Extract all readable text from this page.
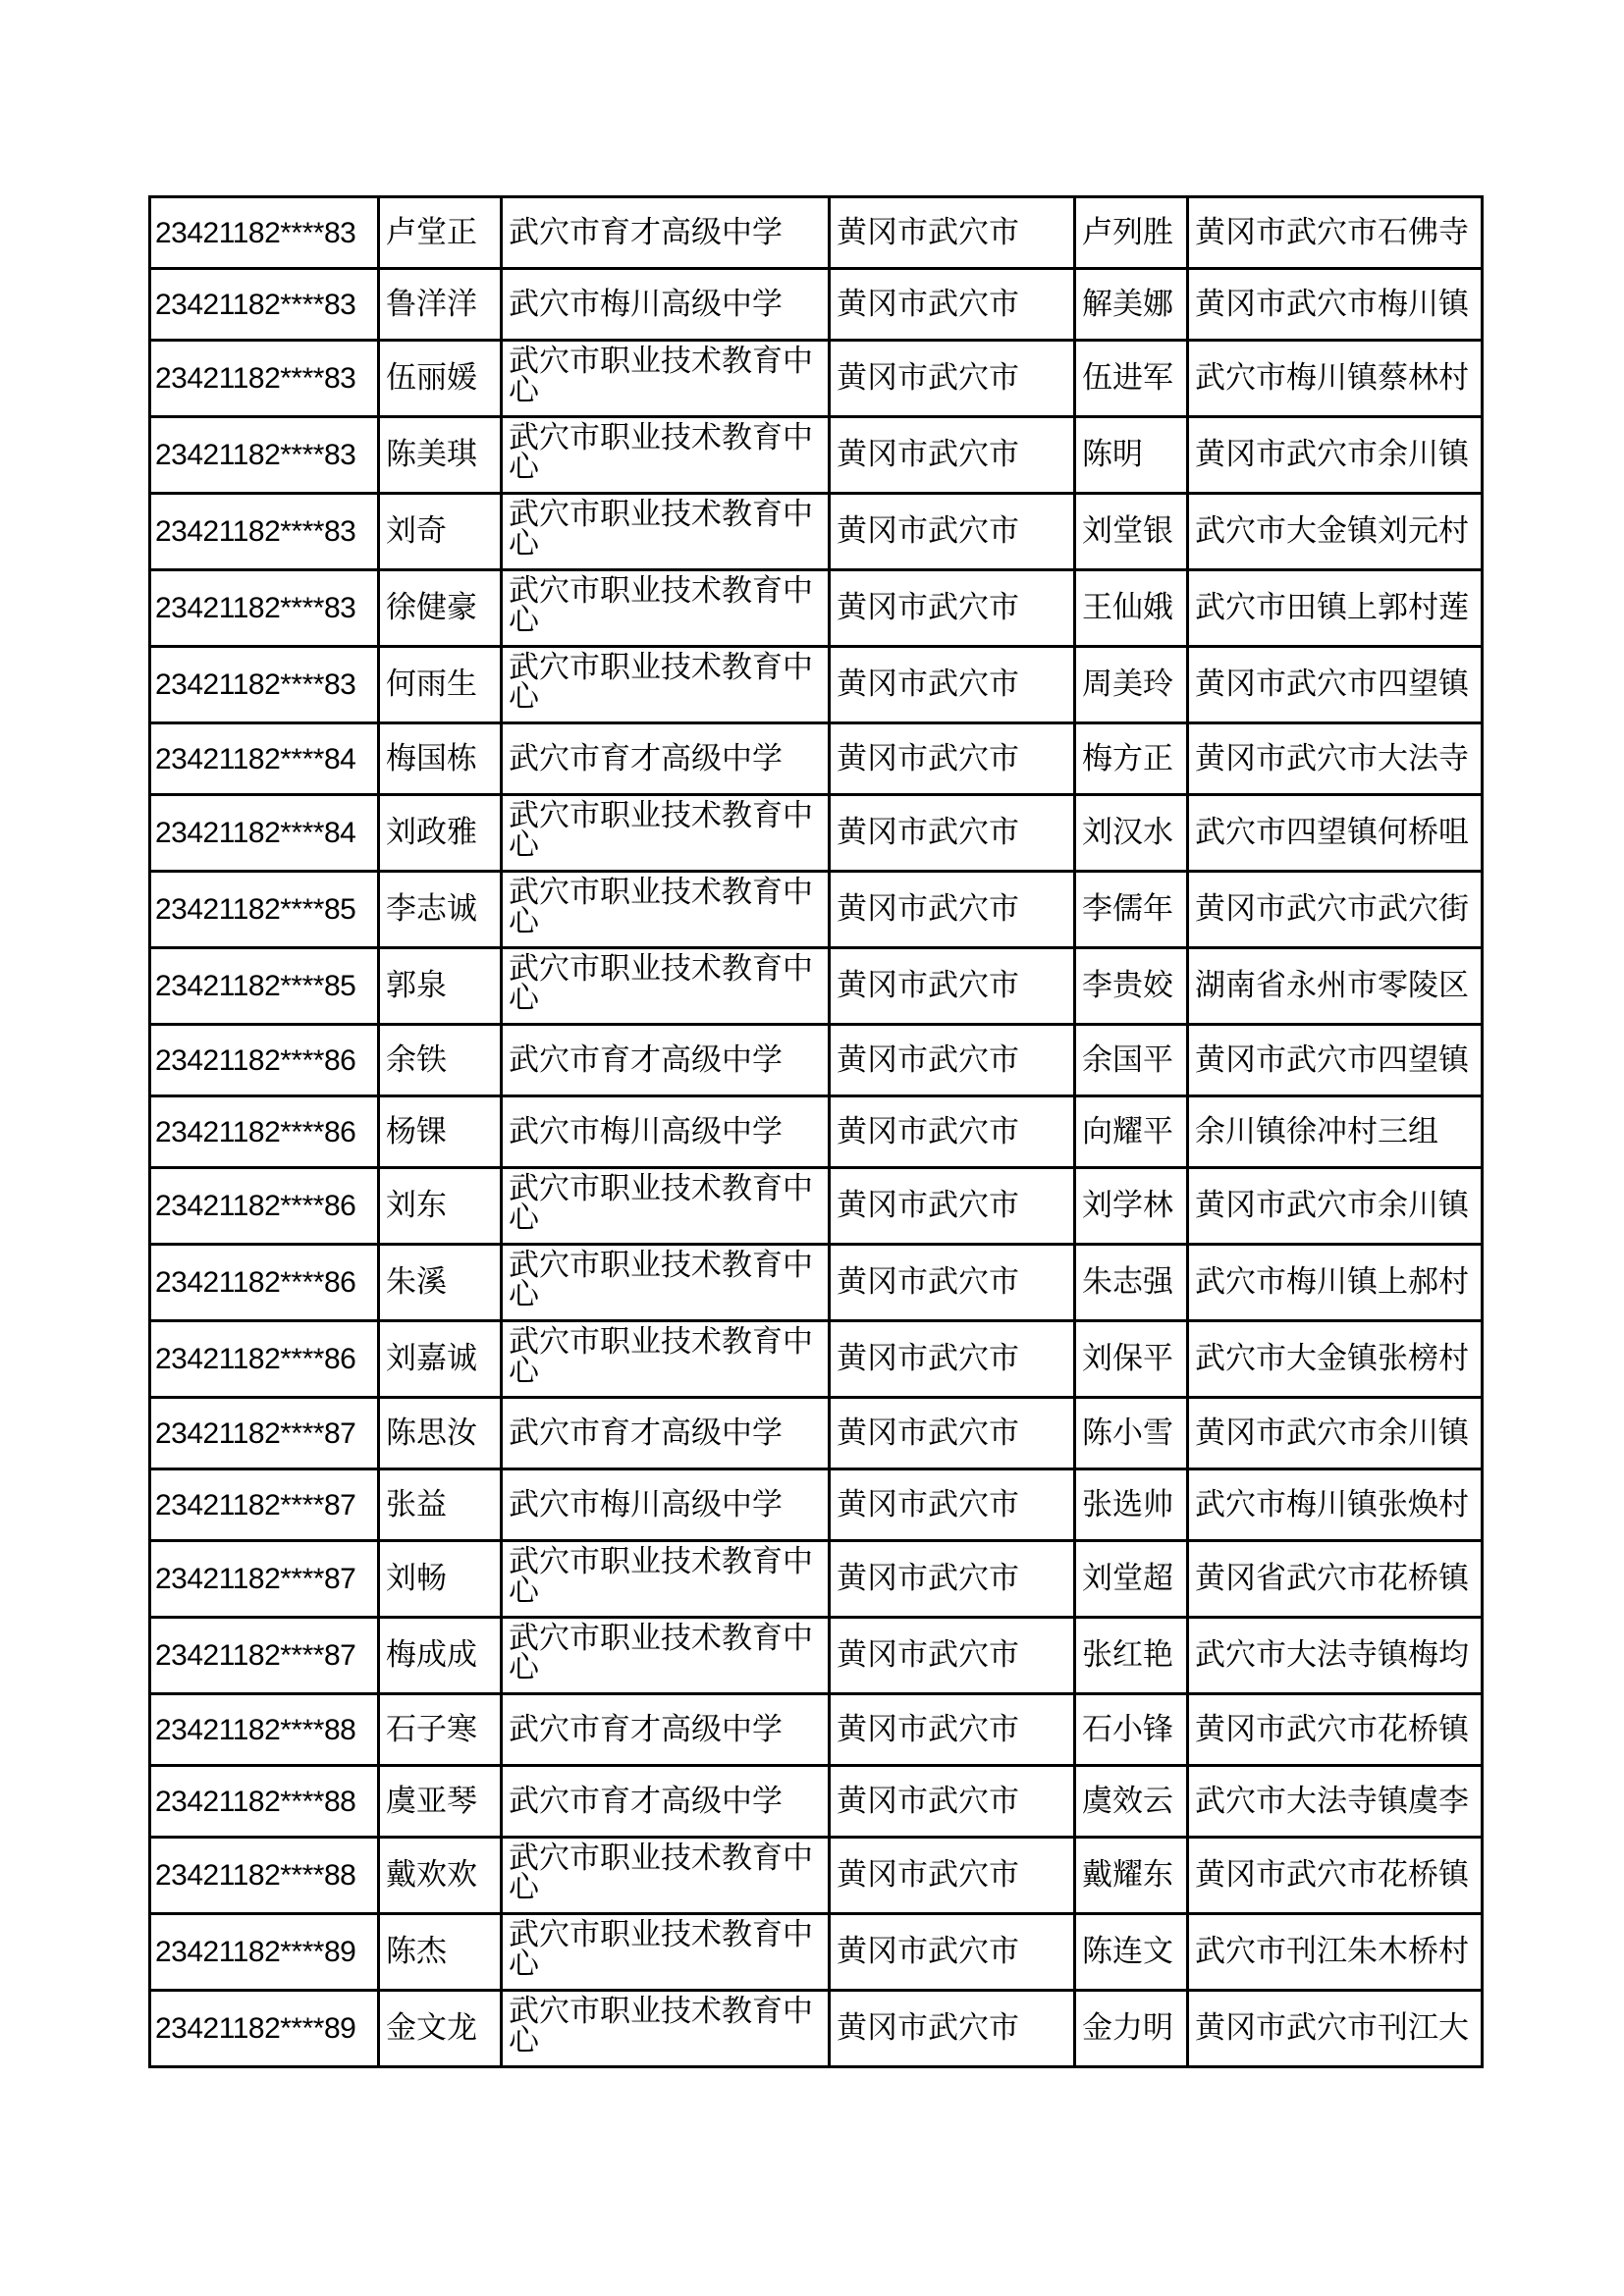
23421182****83	卢堂正	武穴市育才高级中学	黄冈市武穴市	卢列胜	黄冈市武穴市石佛寺
23421182****83	鲁洋洋	武穴市梅川高级中学	黄冈市武穴市	解美娜	黄冈市武穴市梅川镇
23421182****83	伍丽媛	武穴市职业技术教育中心	黄冈市武穴市	伍进军	武穴市梅川镇蔡林村
23421182****83	陈美琪	武穴市职业技术教育中心	黄冈市武穴市	陈明	黄冈市武穴市余川镇
23421182****83	刘奇	武穴市职业技术教育中心	黄冈市武穴市	刘堂银	武穴市大金镇刘元村
23421182****83	徐健豪	武穴市职业技术教育中心	黄冈市武穴市	王仙娥	武穴市田镇上郭村莲
23421182****83	何雨生	武穴市职业技术教育中心	黄冈市武穴市	周美玲	黄冈市武穴市四望镇
23421182****84	梅国栋	武穴市育才高级中学	黄冈市武穴市	梅方正	黄冈市武穴市大法寺
23421182****84	刘政雅	武穴市职业技术教育中心	黄冈市武穴市	刘汉水	武穴市四望镇何桥咀
23421182****85	李志诚	武穴市职业技术教育中心	黄冈市武穴市	李儒年	黄冈市武穴市武穴街
23421182****85	郭泉	武穴市职业技术教育中心	黄冈市武穴市	李贵姣	湖南省永州市零陵区
23421182****86	余铁	武穴市育才高级中学	黄冈市武穴市	余国平	黄冈市武穴市四望镇
23421182****86	杨锞	武穴市梅川高级中学	黄冈市武穴市	向耀平	余川镇徐冲村三组
23421182****86	刘东	武穴市职业技术教育中心	黄冈市武穴市	刘学林	黄冈市武穴市余川镇
23421182****86	朱溪	武穴市职业技术教育中心	黄冈市武穴市	朱志强	武穴市梅川镇上郝村
23421182****86	刘嘉诚	武穴市职业技术教育中心	黄冈市武穴市	刘保平	武穴市大金镇张榜村
23421182****87	陈思汝	武穴市育才高级中学	黄冈市武穴市	陈小雪	黄冈市武穴市余川镇
23421182****87	张益	武穴市梅川高级中学	黄冈市武穴市	张选帅	武穴市梅川镇张焕村
23421182****87	刘畅	武穴市职业技术教育中心	黄冈市武穴市	刘堂超	黄冈省武穴市花桥镇
23421182****87	梅成成	武穴市职业技术教育中心	黄冈市武穴市	张红艳	武穴市大法寺镇梅均
23421182****88	石子寒	武穴市育才高级中学	黄冈市武穴市	石小锋	黄冈市武穴市花桥镇
23421182****88	虞亚琴	武穴市育才高级中学	黄冈市武穴市	虞效云	武穴市大法寺镇虞李
23421182****88	戴欢欢	武穴市职业技术教育中心	黄冈市武穴市	戴耀东	黄冈市武穴市花桥镇
23421182****89	陈杰	武穴市职业技术教育中心	黄冈市武穴市	陈连文	武穴市刊江朱木桥村
23421182****89	金文龙	武穴市职业技术教育中心	黄冈市武穴市	金力明	黄冈市武穴市刊江大
